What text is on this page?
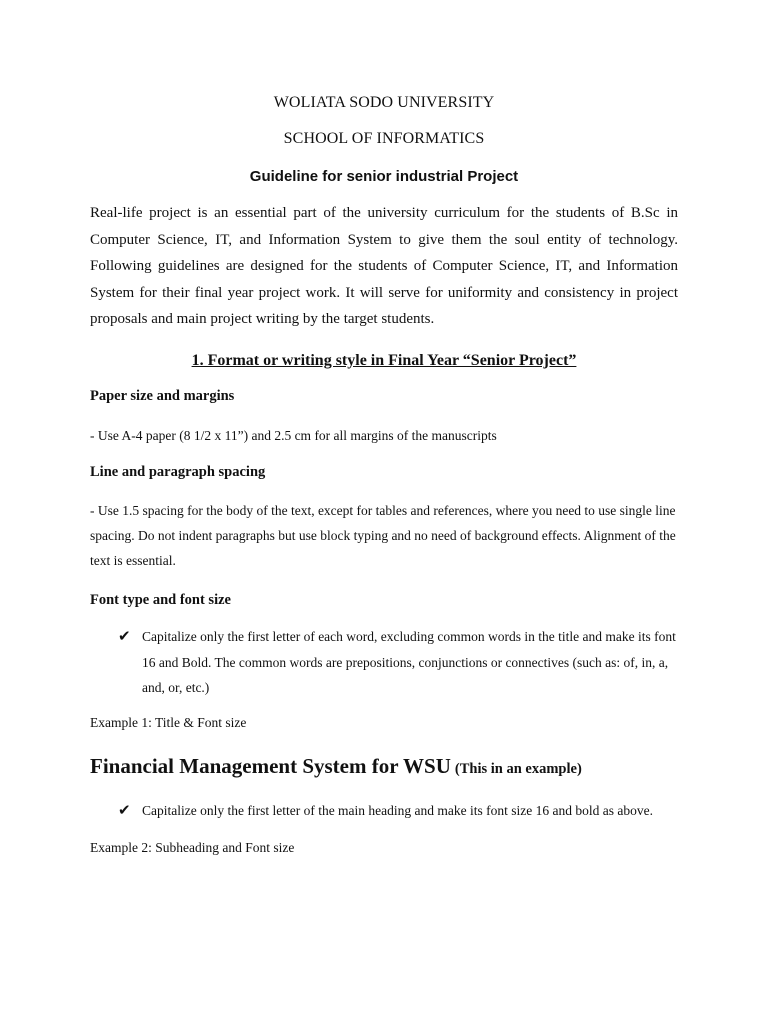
WOLIATA SODO UNIVERSITY
SCHOOL OF INFORMATICS
Guideline for senior industrial Project

Real-life project is an essential part of the university curriculum for the students of B.Sc in Computer Science, IT, and Information System to give them the soul entity of technology. Following guidelines are designed for the students of Computer Science, IT, and Information System for their final year project work. It will serve for uniformity and consistency in project proposals and main project writing by the target students.

1. Format or writing style in Final Year “Senior Project”
Paper size and margins
- Use A-4 paper (8 1/2 x 11”) and 2.5 cm for all margins of the manuscripts
Line and paragraph spacing
- Use 1.5 spacing for the body of the text, except for tables and references, where you need to use single line spacing. Do not indent paragraphs but use block typing and no need of background effects. Alignment of the text is essential.
Font type and font size
✔ Capitalize only the first letter of each word, excluding common words in the title and make its font 16 and Bold. The common words are prepositions, conjunctions or connectives (such as: of, in, a, and, or, etc.)
Example 1: Title & Font size
Financial Management System for WSU (This in an example)
✔ Capitalize only the first letter of the main heading and make its font size 16 and bold as above.
Example 2: Subheading and Font size
